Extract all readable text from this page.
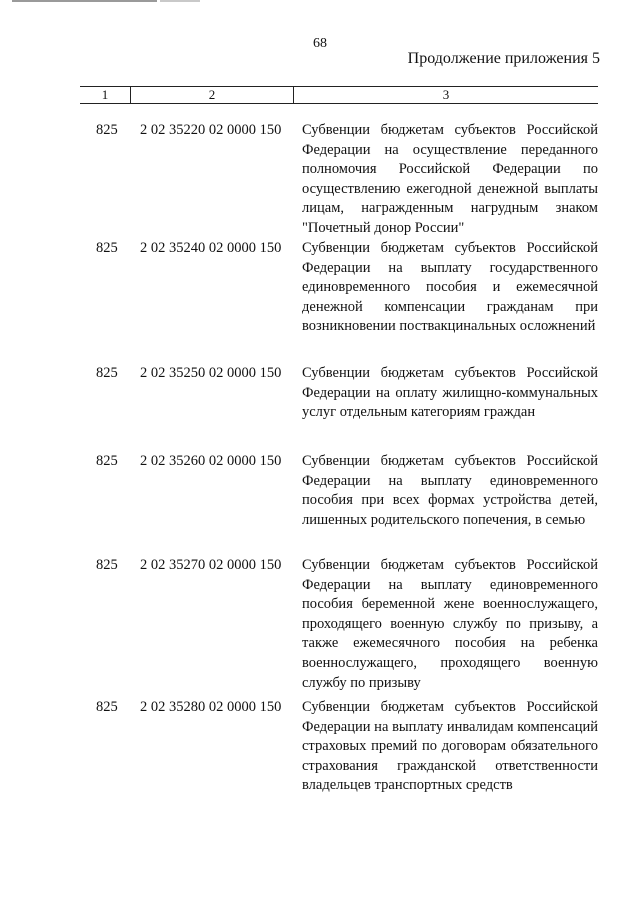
68
Продолжение приложения 5
1	2	3
825 2 02 35220 02 0000 150 Субвенции бюджетам субъектов Российской Федерации на осуществление переданного полномочия Российской Федерации по осуществлению ежегодной денежной выплаты лицам, награжденным нагрудным знаком "Почетный донор России"
825 2 02 35240 02 0000 150 Субвенции бюджетам субъектов Российской Федерации на выплату государственного единовременного пособия и ежемесячной денежной компенсации гражданам при возникновении поствакцинальных осложнений
825 2 02 35250 02 0000 150 Субвенции бюджетам субъектов Российской Федерации на оплату жилищно-коммунальных услуг отдельным категориям граждан
825 2 02 35260 02 0000 150 Субвенции бюджетам субъектов Российской Федерации на выплату единовременного пособия при всех формах устройства детей, лишенных родительского попечения, в семью
825 2 02 35270 02 0000 150 Субвенции бюджетам субъектов Российской Федерации на выплату единовременного пособия беременной жене военнослужащего, проходящего военную службу по призыву, а также ежемесячного пособия на ребенка военнослужащего, проходящего военную службу по призыву
825 2 02 35280 02 0000 150 Субвенции бюджетам субъектов Российской Федерации на выплату инвалидам компенсаций страховых премий по договорам обязательного страхования гражданской ответственности владельцев транспортных средств
